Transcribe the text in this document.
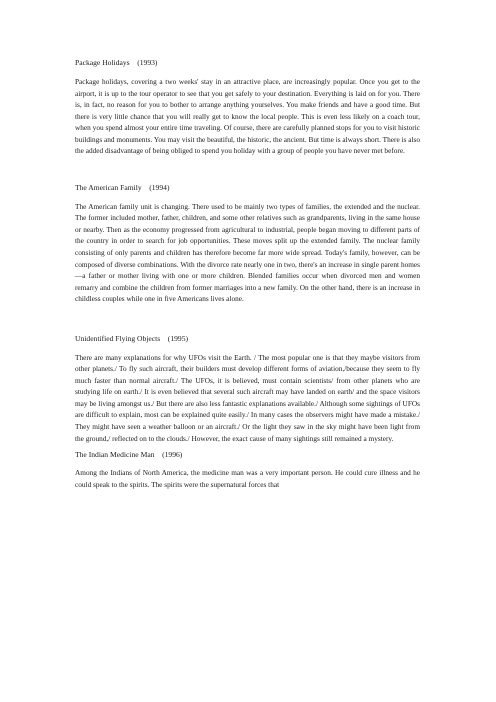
Package Holidays    (1993)

Package holidays, covering a two weeks' stay in an attractive place, are increasingly popular. Once you get to the airport, it is up to the tour operator to see that you get safely to your destination. Everything is laid on for you. There is, in fact, no reason for you to bother to arrange anything yourselves. You make friends and have a good time. But there is very little chance that you will really get to know the local people. This is even less likely on a coach tour, when you spend almost your entire time traveling. Of course, there are carefully planned stops for you to visit historic buildings and monuments. You may visit the beautiful, the historic, the ancient. But time is always short. There is also the added disadvantage of being obliged to spend you holiday with a group of people you have never met before.

The American Family    (1994)

The American family unit is changing. There used to be mainly two types of families, the extended and the nuclear. The former included mother, father, children, and some other relatives such as grandparents, living in the same house or nearby. Then as the economy progressed from agricultural to industrial, people began moving to different parts of the country in order to search for job opportunities. These moves split up the extended family. The nuclear family consisting of only parents and children has therefore become far more wide spread. Today's family, however, can be composed of diverse combinations. With the divorce rate nearly one in two, there's an increase in single parent homes—a father or mother living with one or more children. Blended families occur when divorced men and women remarry and combine the children from former marriages into a new family. On the other hand, there is an increase in childless couples while one in five Americans lives alone.

Unidentified Flying Objects    (1995)

There are many explanations for why UFOs visit the Earth. / The most popular one is that they maybe visitors from other planets./ To fly such aircraft, their builders must develop different forms of aviation,/because they seem to fly much faster than normal aircraft./ The UFOs, it is believed, must contain scientists/ from other planets who are studying life on earth./ It is even believed that several such aircraft may have landed on earth/ and the space visitors may be living amongst us./ But there are also less fantastic explanations available./ Although some sightings of UFOs are difficult to explain, most can be explained quite easily./ In many cases the observers might have made a mistake./ They might have seen a weather balloon or an aircraft./ Or the light they saw in the sky might have been light from the ground,/ reflected on to the clouds./ However, the exact cause of many sightings still remained a mystery.

The Indian Medicine Man    (1996)

Among the Indians of North America, the medicine man was a very important person. He could cure illness and he could speak to the spirits. The spirits were the supernatural forces that
